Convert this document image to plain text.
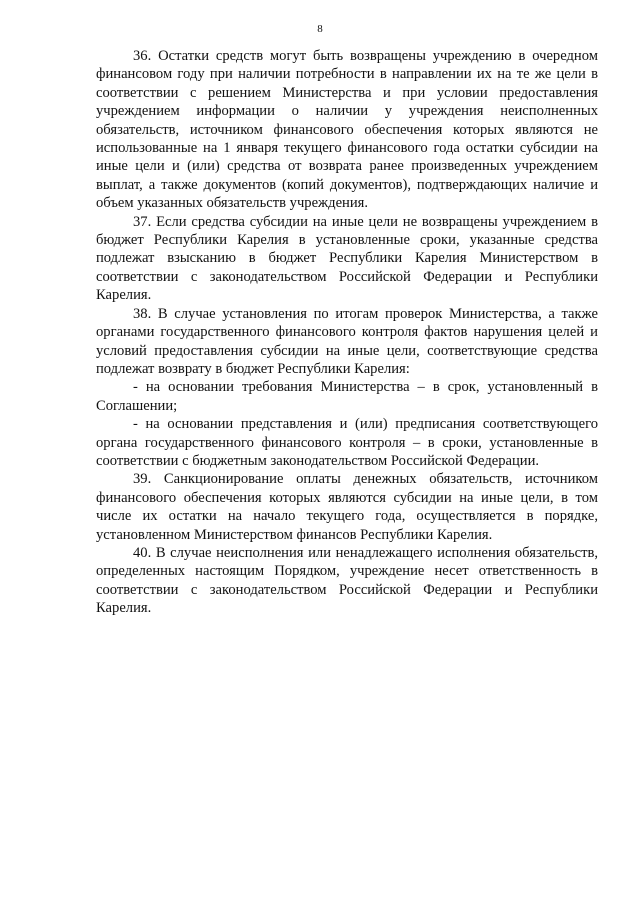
8

36. Остатки средств могут быть возвращены учреждению в очередном финансовом году при наличии потребности в направлении их на те же цели в соответствии с решением Министерства и при условии предоставления учреждением информации о наличии у учреждения неисполненных обязательств, источником финансового обеспечения которых являются не использованные на 1 января текущего финансового года остатки субсидии на иные цели и (или) средства от возврата ранее произведенных учреждением выплат, а также документов (копий документов), подтверждающих наличие и объем указанных обязательств учреждения.

37. Если средства субсидии на иные цели не возвращены учреждением в бюджет Республики Карелия в установленные сроки, указанные средства подлежат взысканию в бюджет Республики Карелия Министерством в соответствии с законодательством Российской Федерации и Республики Карелия.

38. В случае установления по итогам проверок Министерства, а также органами государственного финансового контроля фактов нарушения целей и условий предоставления субсидии на иные цели, соответствующие средства подлежат возврату в бюджет Республики Карелия:

- на основании требования Министерства – в срок, установленный в Соглашении;

- на основании представления и (или) предписания соответствующего органа государственного финансового контроля – в сроки, установленные в соответствии с бюджетным законодательством Российской Федерации.

39. Санкционирование оплаты денежных обязательств, источником финансового обеспечения которых являются субсидии на иные цели, в том числе их остатки на начало текущего года, осуществляется в порядке, установленном Министерством финансов Республики Карелия.

40. В случае неисполнения или ненадлежащего исполнения обязательств, определенных настоящим Порядком, учреждение несет ответственность в соответствии с законодательством Российской Федерации и Республики Карелия.
